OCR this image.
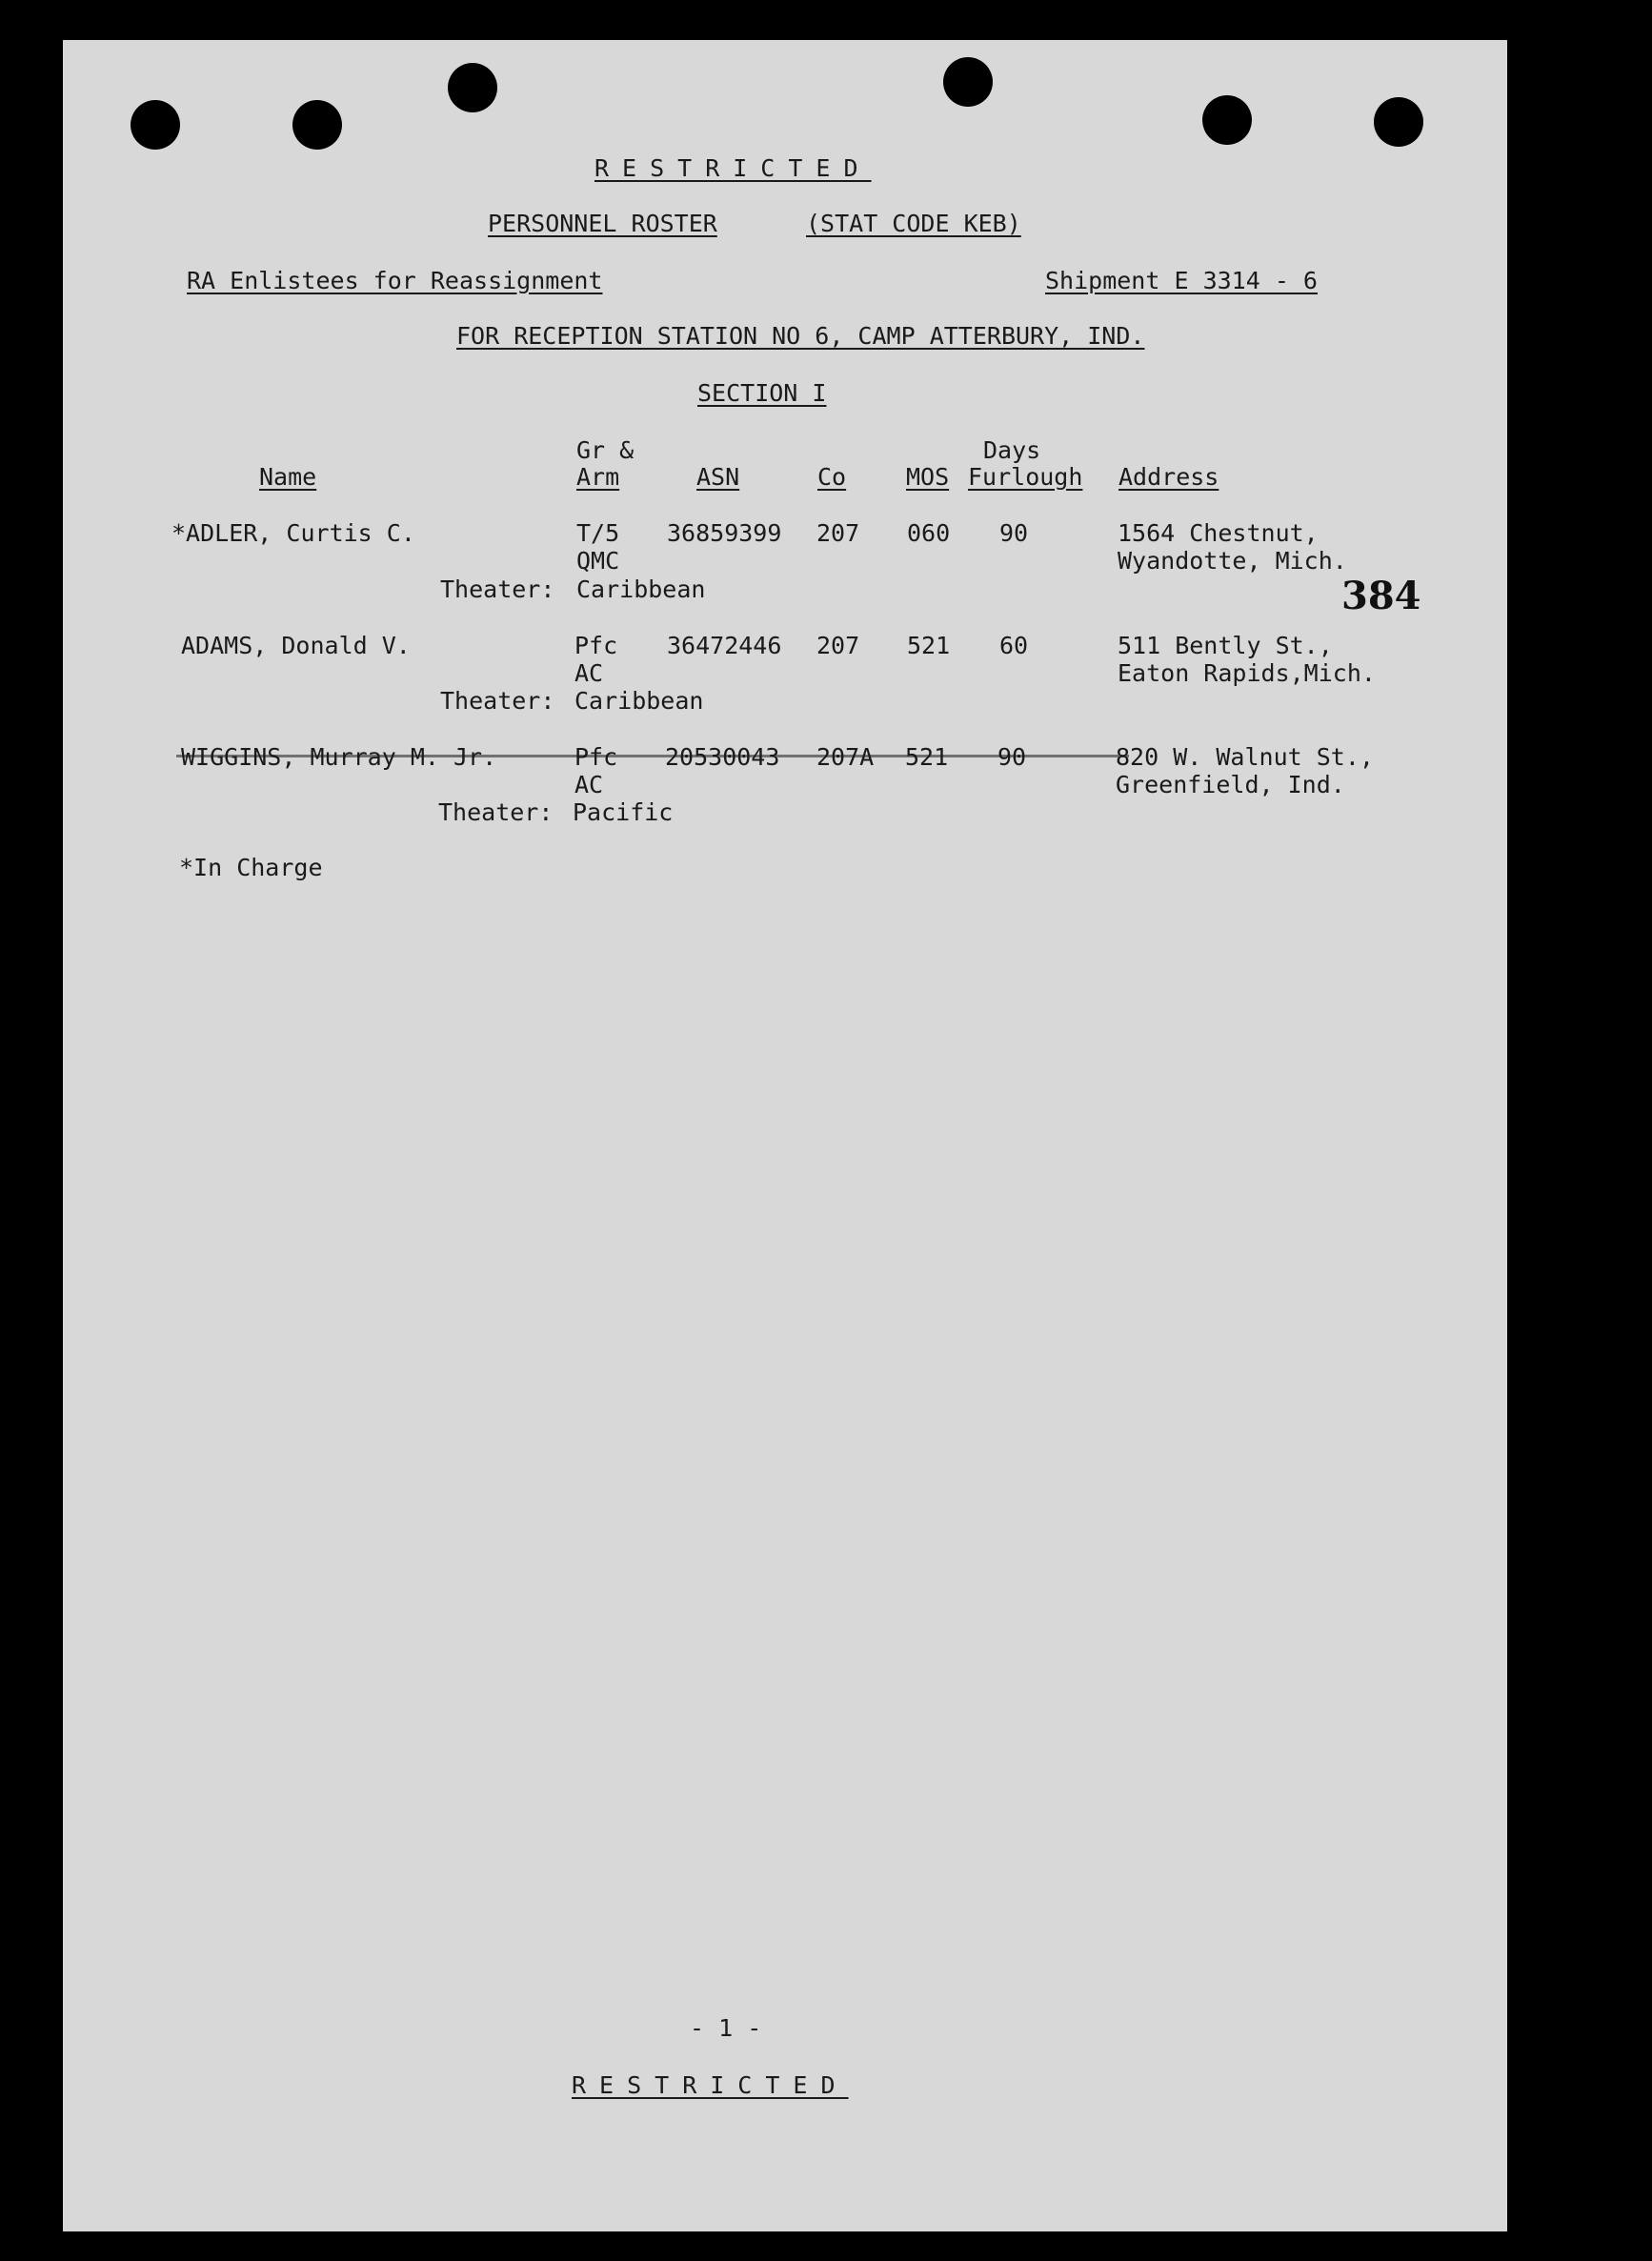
RESTRICTED
PERSONNEL ROSTER	(STAT CODE KEB)
RA Enlistees for Reassignment	Shipment E 3314 - 6
FOR RECEPTION STATION NO 6, CAMP ATTERBURY, IND.
SECTION I
Gr &	Days
Name	Arm	ASN	Co	MOS Furlough Address
*ADLER, Curtis C.	T/5 36859399 207 060 90	1564 Chestnut,
QMC	Wyandotte, Mich.
Theater: Caribbean	384
ADAMS, Donald V.	Pfc 36472446 207 521 60	511 Bently St.,
AC	Eaton Rapids,Mich.
Theater: Caribbean
WIGGINS, Murray M. Jr.	Pfc 20530043 207A 521 90	820 W. Walnut St.,
AC	Greenfield, Ind.
Theater: Pacific
*In Charge
- 1 -
RESTRICTED
